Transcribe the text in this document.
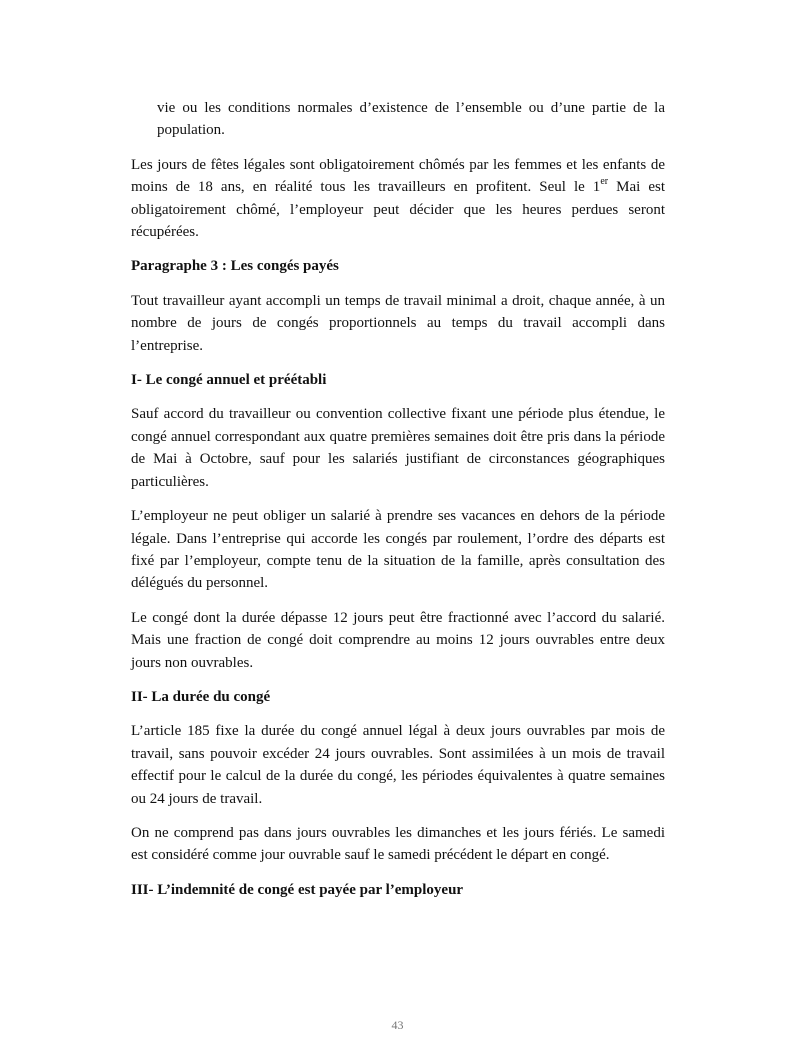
vie ou les conditions normales d’existence de l’ensemble ou d’une partie de la population.

Les jours de fêtes légales sont obligatoirement chômés par les femmes et les enfants de moins de 18 ans, en réalité tous les travailleurs en profitent. Seul le 1er Mai est obligatoirement chômé, l’employeur peut décider que les heures perdues seront récupérées.

Paragraphe 3 : Les congés payés

Tout travailleur ayant accompli un temps de travail minimal a droit, chaque année, à un nombre de jours de congés proportionnels au temps du travail accompli dans l’entreprise.

I- Le congé annuel et préétabli

Sauf accord du travailleur ou convention collective fixant une période plus étendue, le congé annuel correspondant aux quatre premières semaines doit être pris dans la période de Mai à Octobre, sauf pour les salariés justifiant de circonstances géographiques particulières.

L’employeur ne peut obliger un salarié à prendre ses vacances en dehors de la période légale. Dans l’entreprise qui accorde les congés par roulement, l’ordre des départs est fixé par l’employeur, compte tenu de la situation de la famille, après consultation des délégués du personnel.

Le congé dont la durée dépasse 12 jours peut être fractionné avec l’accord du salarié. Mais une fraction de congé doit comprendre au moins 12 jours ouvrables entre deux jours non ouvrables.

II- La durée du congé

L’article 185 fixe la durée du congé annuel légal à deux jours ouvrables par mois de travail, sans pouvoir excéder 24 jours ouvrables. Sont assimilées à un mois de travail effectif pour le calcul de la durée du congé, les périodes équivalentes à quatre semaines ou 24 jours de travail.

On ne comprend pas dans jours ouvrables les dimanches et les jours fériés. Le samedi est considéré comme jour ouvrable sauf le samedi précédent le départ en congé.

III- L’indemnité de congé est payée par l’employeur

43
